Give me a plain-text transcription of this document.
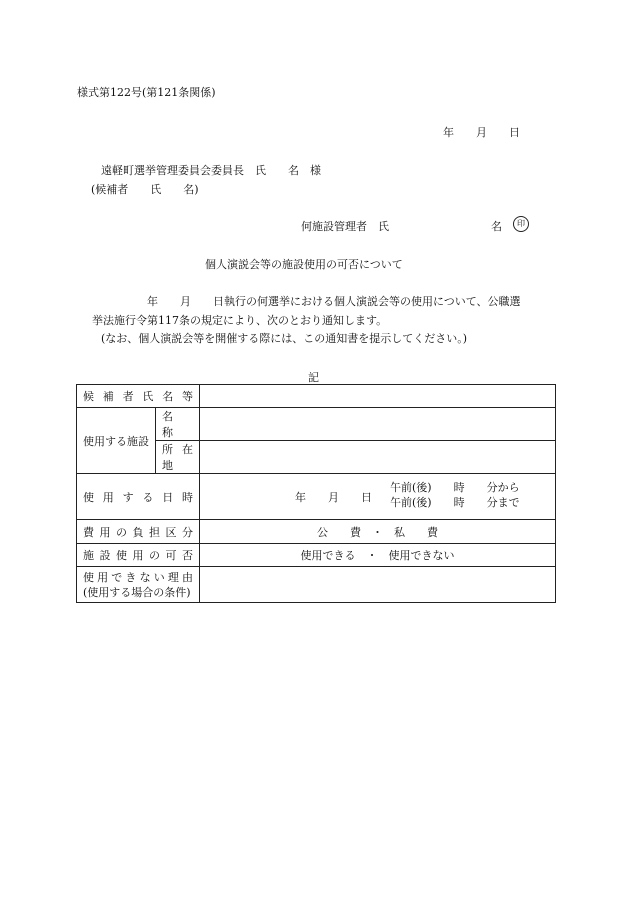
様式第122号(第121条関係)
年　　月　　日
遠軽町選挙管理委員会委員長　氏　　名　様
(候補者　　氏　　名)
何施設管理者　氏	名	印
個人演説会等の施設使用の可否について
年　　月　　日執行の何選挙における個人演説会等の使用について、公職選
挙法施行令第117条の規定により、次のとおり通知します。
(なお、個人演説会等を開催する際には、この通知書を提示してください。)
記
候補者氏名等		
使用する施設	名　称	
	所在地	
使用する日時		年　　月　　日
午前(後)　　時　　分から
午前(後)　　時　　分まで

費用の負担区分		公　　費　・　私　　費
施設使用の可否		使用できる　・　使用できない

使用できない理由
(使用する場合の条件)		
